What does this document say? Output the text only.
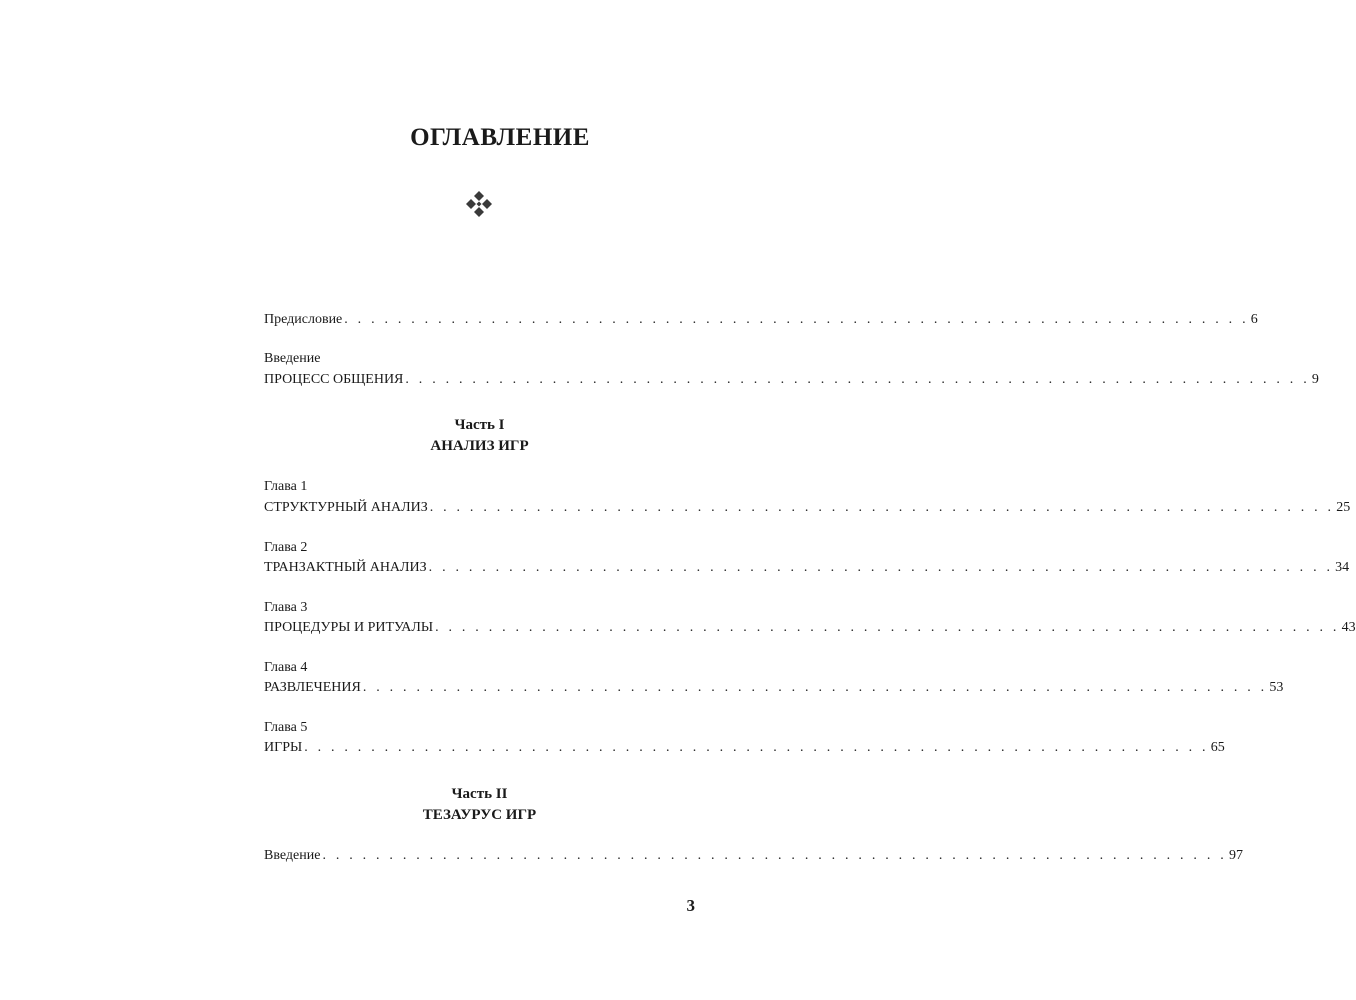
ОГЛАВЛЕНИЕ
Предисловие . . . . . . . . . . . . . . . . . . . . . . . . . . . . . . . . . . . . . . . . . . . . . . . . . . . . . . . . . . . . . . . . . . . . 6
Введение
ПРОЦЕСС ОБЩЕНИЯ . . . . . . . . . . . . . . . . . . . . . . . . . . . . . . . . . . . . . . . . . . . . . . . . . . . . . . . . . . . . . . . . . . . . 9
Часть I
АНАЛИЗ ИГР
Глава 1
СТРУКТУРНЫЙ АНАЛИЗ . . . . . . . . . . . . . . . . . . . . . . . . . . . . . . . . . . . . . . . . . . . . . . . . . . . . . . . . . . . . . . . . . . . . 25
Глава 2
ТРАНЗАКТНЫЙ АНАЛИЗ . . . . . . . . . . . . . . . . . . . . . . . . . . . . . . . . . . . . . . . . . . . . . . . . . . . . . . . . . . . . . . . . . . . . 34
Глава 3
ПРОЦЕДУРЫ И РИТУАЛЫ . . . . . . . . . . . . . . . . . . . . . . . . . . . . . . . . . . . . . . . . . . . . . . . . . . . . . . . . . . . . . . . . . . . . 43
Глава 4
РАЗВЛЕЧЕНИЯ . . . . . . . . . . . . . . . . . . . . . . . . . . . . . . . . . . . . . . . . . . . . . . . . . . . . . . . . . . . . . . . . . . . . 53
Глава 5
ИГРЫ . . . . . . . . . . . . . . . . . . . . . . . . . . . . . . . . . . . . . . . . . . . . . . . . . . . . . . . . . . . . . . . . . . . . 65
Часть II
ТЕЗАУРУС ИГР
Введение . . . . . . . . . . . . . . . . . . . . . . . . . . . . . . . . . . . . . . . . . . . . . . . . . . . . . . . . . . . . . . . . . . . . 97
3
